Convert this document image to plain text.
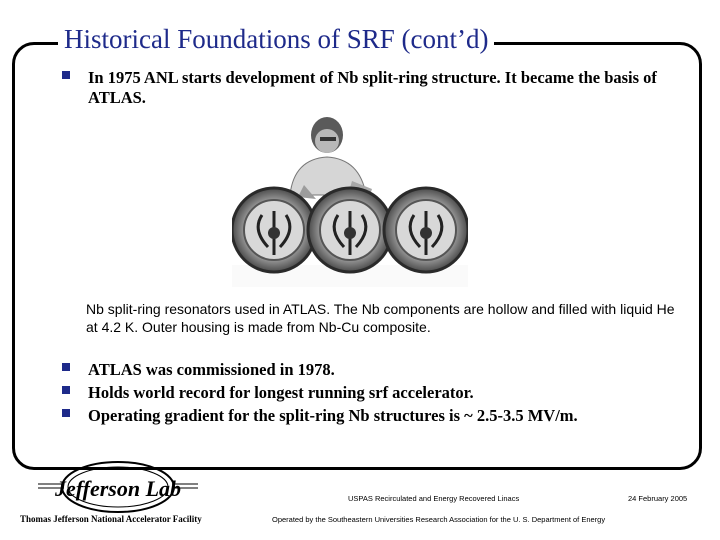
Historical Foundations of SRF (cont’d)
In 1975 ANL starts development of Nb split-ring structure. It became the basis of ATLAS.
Nb split-ring resonators used in ATLAS. The Nb components are hollow and filled with liquid He at 4.2 K. Outer housing is made from Nb-Cu composite.
ATLAS was commissioned in 1978.
Holds world record for longest running srf accelerator.
Operating gradient for the split-ring Nb structures is ~ 2.5-3.5 MV/m.
Jefferson Lab
Thomas Jefferson National Accelerator Facility
USPAS Recirculated and Energy Recovered Linacs
Operated by the Southeastern Universities Research Association for the U. S. Department of Energy
24 February 2005
